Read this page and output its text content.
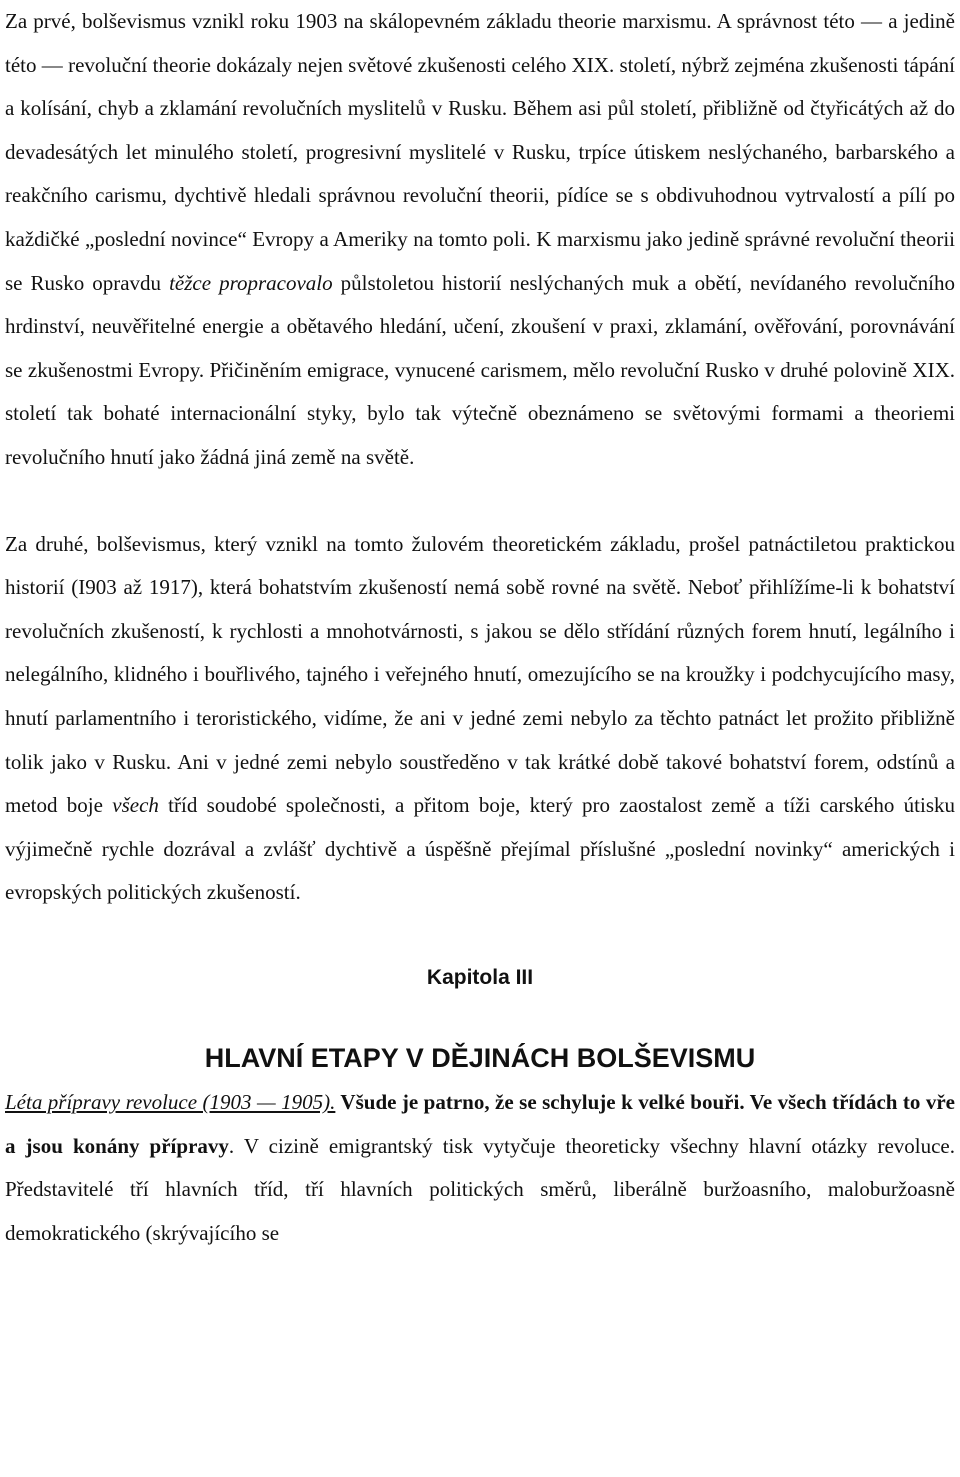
Za prvé, bolševismus vznikl roku 1903 na skálopevném základu theorie marxismu. A správnost této — a jedině této — revoluční theorie dokázaly nejen světové zkušenosti celého XIX. století, nýbrž zejména zkušenosti tápání a kolísání, chyb a zklamání revolučních myslitelů v Rusku. Během asi půl století, přibližně od čtyřicátých až do devadesátých let minulého století, progresivní myslitelé v Rusku, trpíce útiskem neslýchaného, barbarského a reakčního carismu, dychtivě hledali správnou revoluční theorii, pídíce se s obdivuhodnou vytrvalostí a pílí po každičké „poslední novince“ Evropy a Ameriky na tomto poli. K marxismu jako jedině správné revoluční theorii se Rusko opravdu těžce propracovalo půlstoletou historií neslýchaných muk a obětí, nevídaného revolučního hrdinství, neuvěřitelné energie a obětavého hledání, učení, zkoušení v praxi, zklamání, ověřování, porovnávání se zkušenostmi Evropy. Přičiněním emigrace, vynucené carismem, mělo revoluční Rusko v druhé polovině XIX. století tak bohaté internacionální styky, bylo tak výtečně obeznámeno se světovými formami a theoriemi revolučního hnutí jako žádná jiná země na světě.

Za druhé, bolševismus, který vznikl na tomto žulovém theoretickém základu, prošel patnáctiletou praktickou historií (I903 až 1917), která bohatstvím zkušeností nemá sobě rovné na světě. Neboť přihlížíme-li k bohatství revolučních zkušeností, k rychlosti a mnohotvárnosti, s jakou se dělo střídání různých forem hnutí, legálního i nelegálního, klidného i bouřlivého, tajného i veřejného hnutí, omezujícího se na kroužky i podchycujícího masy, hnutí parlamentního i teroristického, vidíme, že ani v jedné zemi nebylo za těchto patnáct let prožito přibližně tolik jako v Rusku. Ani v jedné zemi nebylo soustředěno v tak krátké době takové bohatství forem, odstínů a metod boje všech tříd soudobé společnosti, a přitom boje, který pro zaostalost země a tíži carského útisku výjimečně rychle dozrával a zvlášť dychtivě a úspěšně přejímal příslušné „poslední novinky“ amerických i evropských politických zkušeností.

Kapitola III
HLAVNÍ ETAPY V DĚJINÁCH BOLŠEVISMU

Léta přípravy revoluce (1903 — 1905). Všude je patrno, že se schyluje k velké bouři. Ve všech třídách to vře a jsou konány přípravy. V cizině emigrantský tisk vytyčuje theoreticky všechny hlavní otázky revoluce. Představitelé tří hlavních tříd, tří hlavních politických směrů, liberálně buržoasního, maloburžoasně demokratického (skrývajícího se
